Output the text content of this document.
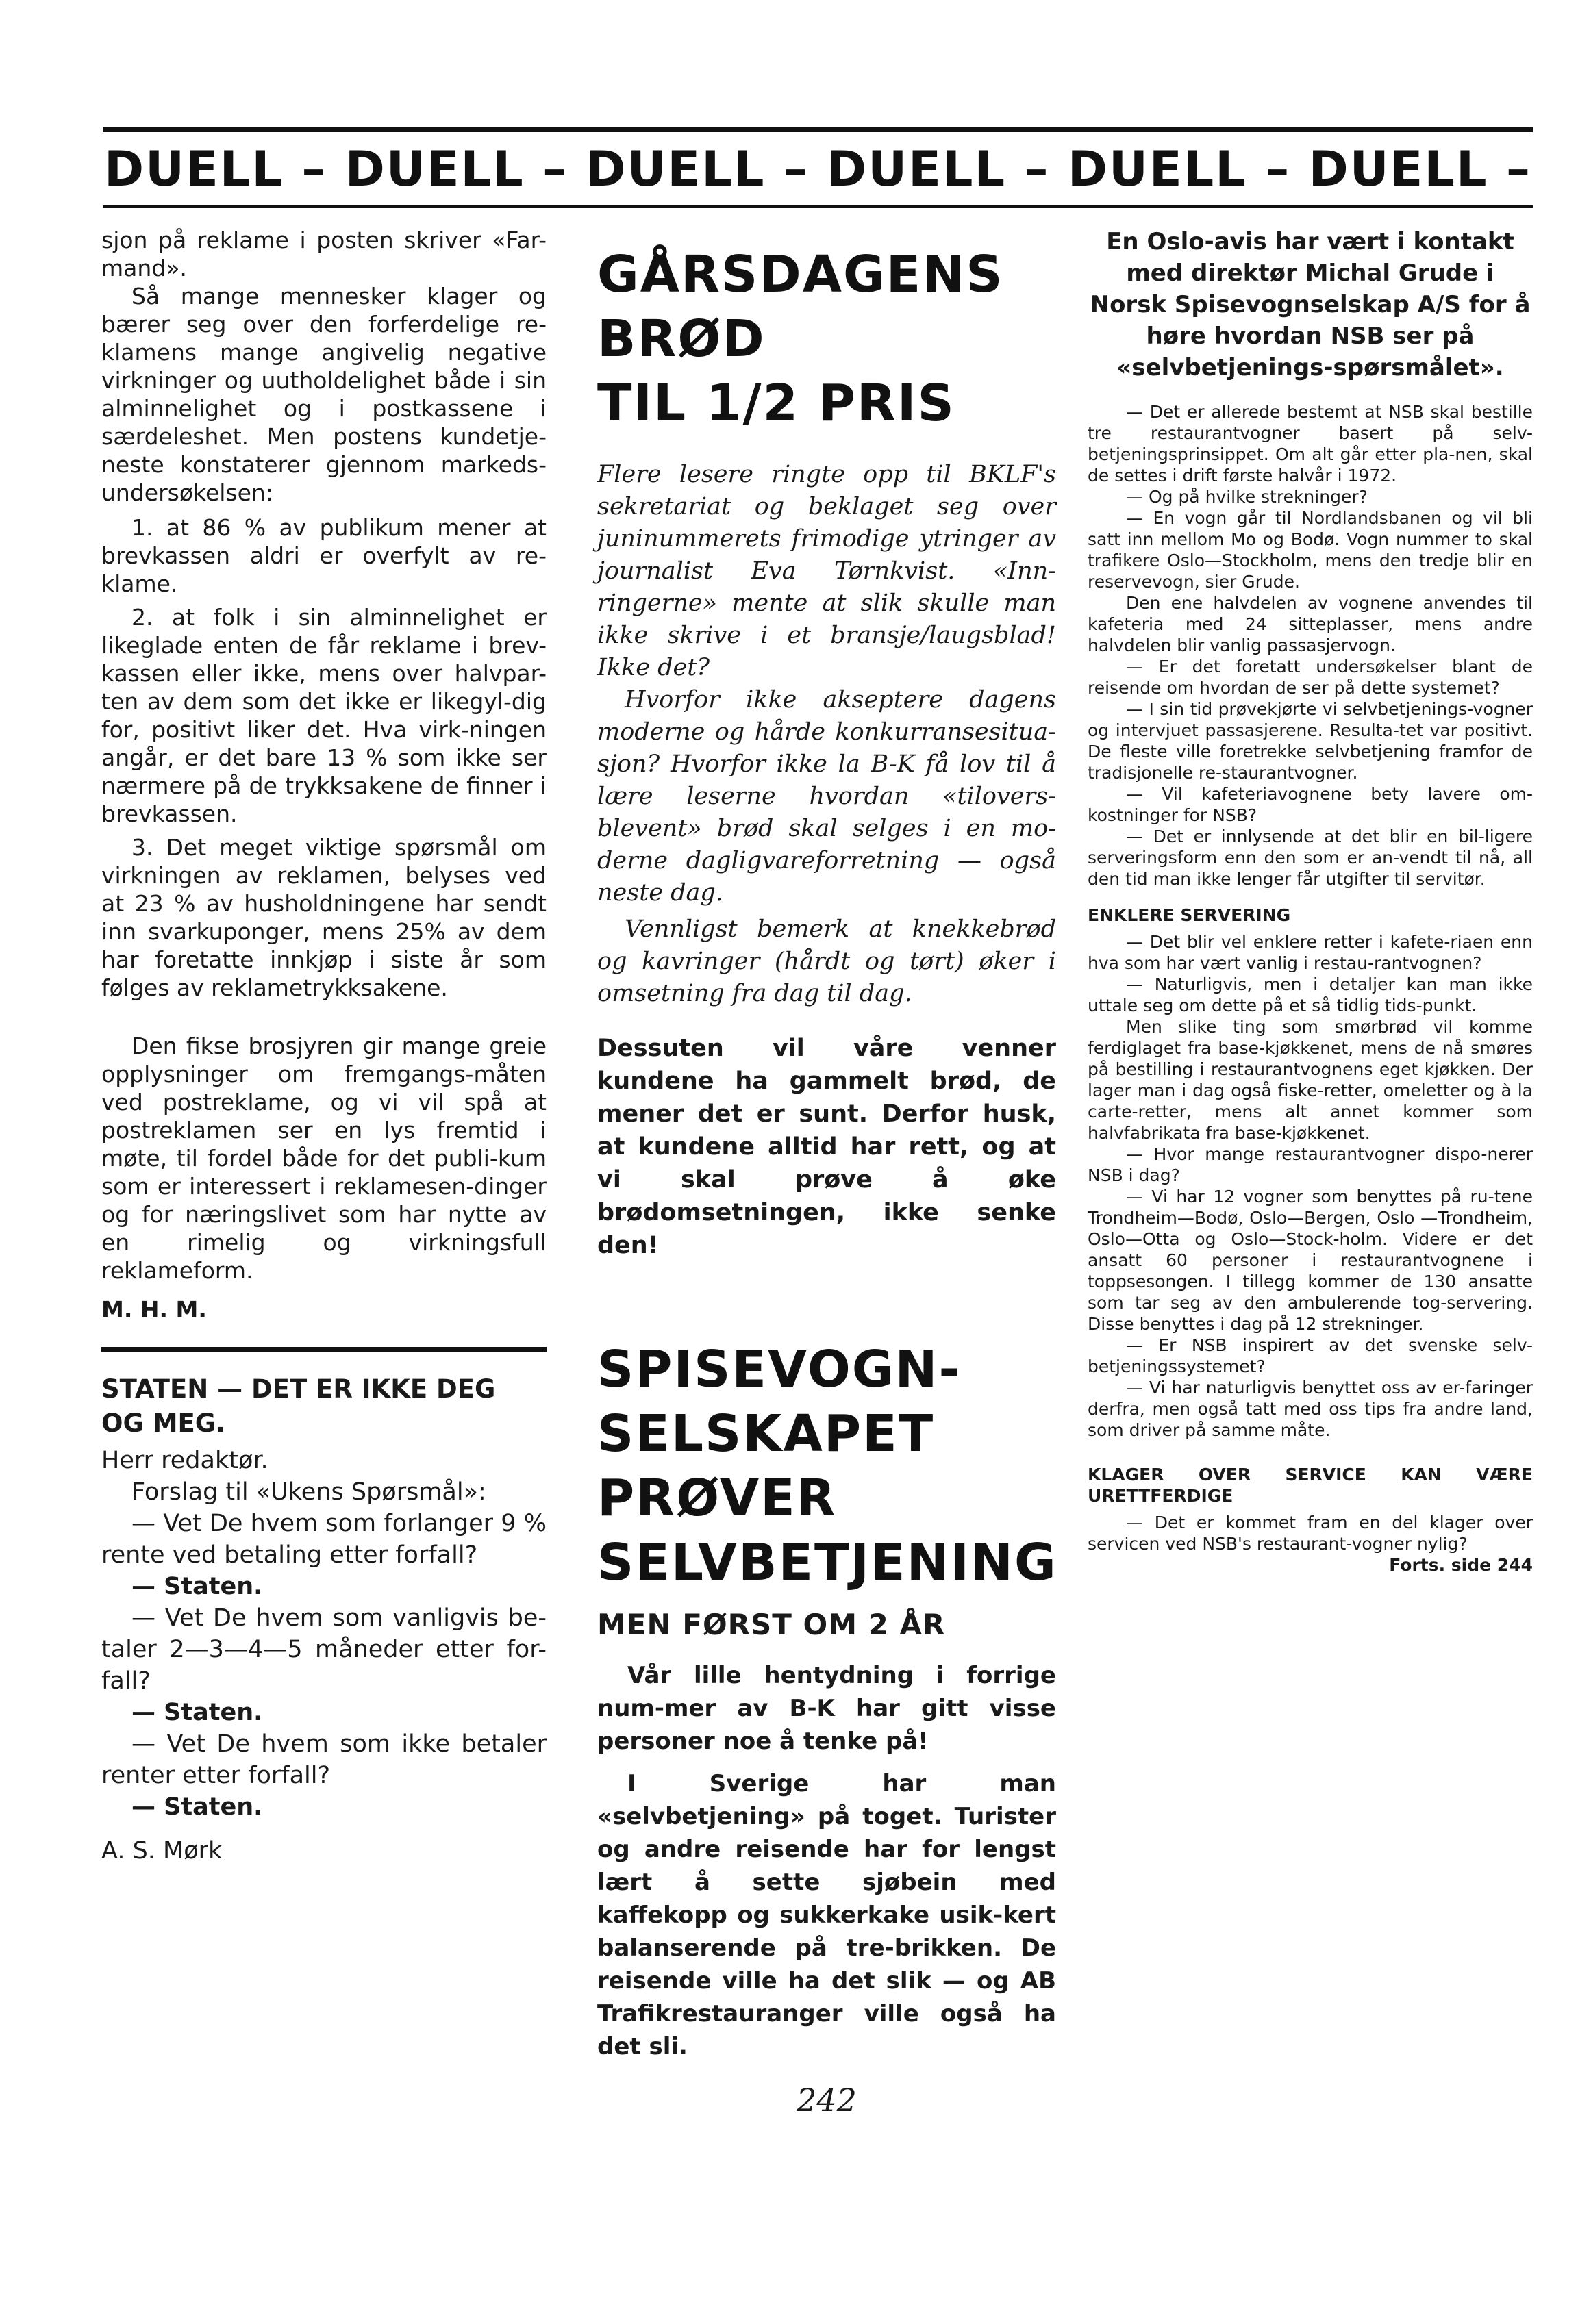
DUELL – DUELL – DUELL – DUELL – DUELL – DUELL –

sjon på reklame i posten skriver «Far-mand».

Så mange mennesker klager og bærer seg over den forferdelige re-klamens mange angivelig negative virkninger og uutholdelighet både i sin alminnelighet og i postkassene i særdeleshet. Men postens kundetje-neste konstaterer gjennom markeds-undersøkelsen:

1. at 86 % av publikum mener at brevkassen aldri er overfylt av re-klame.

2. at folk i sin alminnelighet er likeglade enten de får reklame i brev-kassen eller ikke, mens over halvpar-ten av dem som det ikke er likegyl-dig for, positivt liker det. Hva virk-ningen angår, er det bare 13 % som ikke ser nærmere på de trykksakene de finner i brevkassen.

3. Det meget viktige spørsmål om virkningen av reklamen, belyses ved at 23 % av husholdningene har sendt inn svarkuponger, mens 25% av dem har foretatte innkjøp i siste år som følges av reklametrykksakene.

Den fikse brosjyren gir mange greie opplysninger om fremgangs-måten ved postreklame, og vi vil spå at postreklamen ser en lys fremtid i møte, til fordel både for det publi-kum som er interessert i reklamesen-dinger og for næringslivet som har nytte av en rimelig og virkningsfull reklameform.

M. H. M.

STATEN — DET ER IKKE DEG OG MEG.

Herr redaktør.

Forslag til «Ukens Spørsmål»:

— Vet De hvem som forlanger 9 % rente ved betaling etter forfall?

— Staten.

— Vet De hvem som vanligvis be-taler 2—3—4—5 måneder etter for-fall?

— Staten.

— Vet De hvem som ikke betaler renter etter forfall?

— Staten.

A. S. Mørk

GÅRSDAGENS
BRØD
TIL 1/2 PRIS

Flere lesere ringte opp til BKLF's sekretariat og beklaget seg over juninummerets frimodige ytringer av journalist Eva Tørnkvist. «Inn-ringerne» mente at slik skulle man ikke skrive i et bransje/laugsblad! Ikke det?

Hvorfor ikke akseptere dagens moderne og hårde konkurransesitua-sjon? Hvorfor ikke la B-K få lov til å lære leserne hvordan «tilovers-blevent» brød skal selges i en mo-derne dagligvareforretning — også neste dag.

Vennligst bemerk at knekkebrød og kavringer (hårdt og tørt) øker i omsetning fra dag til dag.

Dessuten vil våre venner kundene ha gammelt brød, de mener det er sunt. Derfor husk, at kundene alltid har rett, og at vi skal prøve å øke brødomsetningen, ikke senke den!

SPISEVOGN-
SELSKAPET
PRØVER
SELVBETJENING
MEN FØRST OM 2 ÅR

Vår lille hentydning i forrige num-mer av B-K har gitt visse personer noe å tenke på!

I Sverige har man «selvbetjening» på toget. Turister og andre reisende har for lengst lært å sette sjøbein med kaffekopp og sukkerkake usik-kert balanserende på tre-brikken. De reisende ville ha det slik — og AB Trafikrestauranger ville også ha det sli.

242

En Oslo-avis har vært i kontakt med direktør Michal Grude i Norsk Spisevognselskap A/S for å høre hvordan NSB ser på «selvbetjenings-spørsmålet».

— Det er allerede bestemt at NSB skal bestille tre restaurantvogner basert på selv-betjeningsprinsippet. Om alt går etter pla-nen, skal de settes i drift første halvår i 1972.

— Og på hvilke strekninger?

— En vogn går til Nordlandsbanen og vil bli satt inn mellom Mo og Bodø. Vogn nummer to skal trafikere Oslo—Stockholm, mens den tredje blir en reservevogn, sier Grude.

Den ene halvdelen av vognene anvendes til kafeteria med 24 sitteplasser, mens andre halvdelen blir vanlig passasjervogn.

— Er det foretatt undersøkelser blant de reisende om hvordan de ser på dette systemet?

— I sin tid prøvekjørte vi selvbetjenings-vogner og intervjuet passasjerene. Resulta-tet var positivt. De fleste ville foretrekke selvbetjening framfor de tradisjonelle re-staurantvogner.

— Vil kafeteriavognene bety lavere om-kostninger for NSB?

— Det er innlysende at det blir en bil-ligere serveringsform enn den som er an-vendt til nå, all den tid man ikke lenger får utgifter til servitør.

ENKLERE SERVERING

— Det blir vel enklere retter i kafete-riaen enn hva som har vært vanlig i restau-rantvognen?

— Naturligvis, men i detaljer kan man ikke uttale seg om dette på et så tidlig tids-punkt.

Men slike ting som smørbrød vil komme ferdiglaget fra base-kjøkkenet, mens de nå smøres på bestilling i restaurantvognens eget kjøkken. Der lager man i dag også fiske-retter, omeletter og à la carte-retter, mens alt annet kommer som halvfabrikata fra base-kjøkkenet.

— Hvor mange restaurantvogner dispo-nerer NSB i dag?

— Vi har 12 vogner som benyttes på ru-tene Trondheim—Bodø, Oslo—Bergen, Oslo —Trondheim, Oslo—Otta og Oslo—Stock-holm. Videre er det ansatt 60 personer i restaurantvognene i toppsesongen. I tillegg kommer de 130 ansatte som tar seg av den ambulerende tog-servering. Disse benyttes i dag på 12 strekninger.

— Er NSB inspirert av det svenske selv-betjeningssystemet?

— Vi har naturligvis benyttet oss av er-faringer derfra, men også tatt med oss tips fra andre land, som driver på samme måte.

KLAGER OVER SERVICE KAN VÆRE URETTFERDIGE

— Det er kommet fram en del klager over servicen ved NSB's restaurant-vogner nylig?
Forts. side 244
